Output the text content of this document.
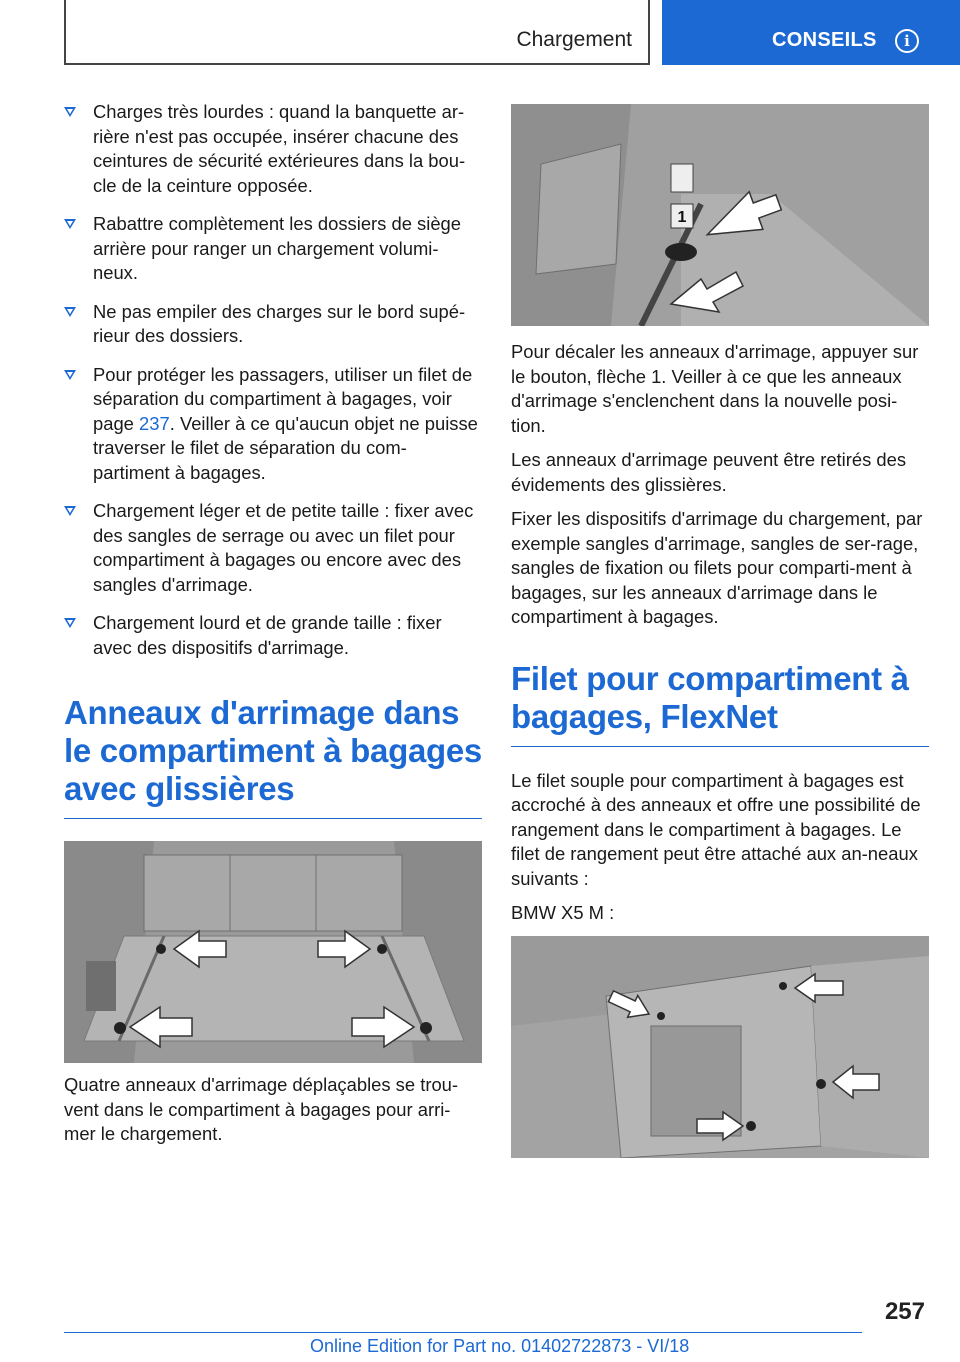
Chargement	CONSEILS	i
Charges très lourdes : quand la banquette ar-rière n'est pas occupée, insérer chacune des ceintures de sécurité extérieures dans la bou-cle de la ceinture opposée.
Rabattre complètement les dossiers de siège arrière pour ranger un chargement volumi-neux.
Ne pas empiler des charges sur le bord supé-rieur des dossiers.
Pour protéger les passagers, utiliser un filet de séparation du compartiment à bagages, voir page 237. Veiller à ce qu'aucun objet ne puisse traverser le filet de séparation du com-partiment à bagages.
Chargement léger et de petite taille : fixer avec des sangles de serrage ou avec un filet pour compartiment à bagages ou encore avec des sangles d'arrimage.
Chargement lourd et de grande taille : fixer avec des dispositifs d'arrimage.
Anneaux d'arrimage dans le compartiment à bagages avec glissières

Quatre anneaux d'arrimage déplaçables se trou-vent dans le compartiment à bagages pour arri-mer le chargement.

1

Pour décaler les anneaux d'arrimage, appuyer sur le bouton, flèche 1. Veiller à ce que les anneaux d'arrimage s'enclenchent dans la nouvelle posi-tion.

Les anneaux d'arrimage peuvent être retirés des évidements des glissières.

Fixer les dispositifs d'arrimage du chargement, par exemple sangles d'arrimage, sangles de ser-rage, sangles de fixation ou filets pour comparti-ment à bagages, sur les anneaux d'arrimage dans le compartiment à bagages.

Filet pour compartiment à bagages, FlexNet

Le filet souple pour compartiment à bagages est accroché à des anneaux et offre une possibilité de rangement dans le compartiment à bagages. Le filet de rangement peut être attaché aux an-neaux suivants :

BMW X5 M :

257
Online Edition for Part no. 01402722873 - VI/18
